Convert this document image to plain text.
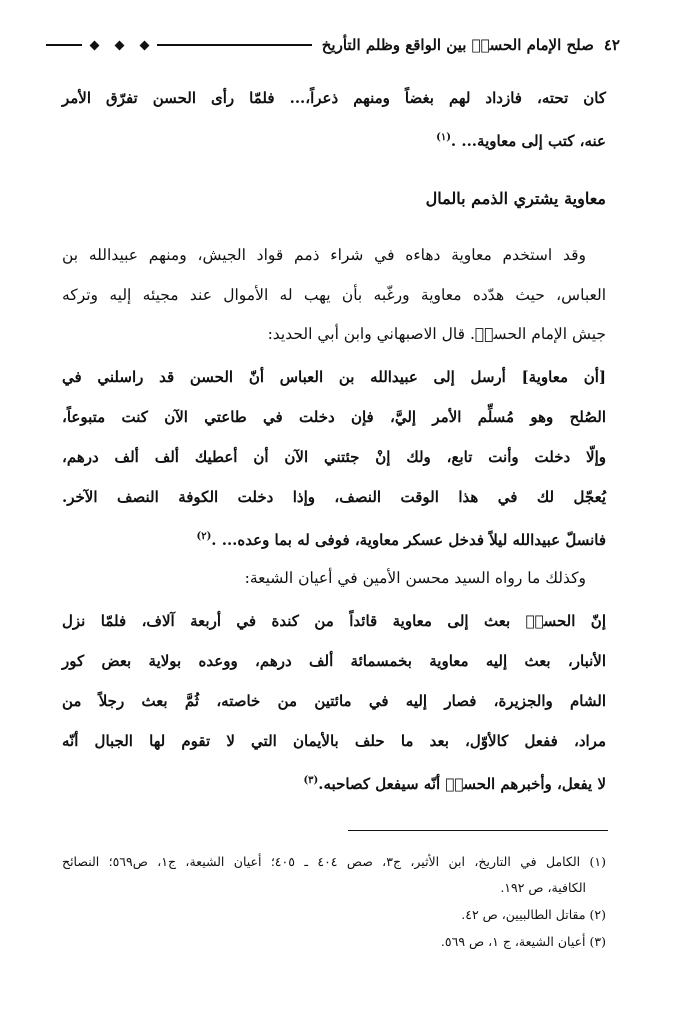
٤٢
صلح الإمام الحسنؑ بين الواقع وظلم التأريخ
كان تحته، فازداد لهم بغضاً ومنهم ذعراً،... فلمّا رأى الحسن تفرّق الأمر
عنه، كتب إلى معاوية... .$^{(١)}$
معاوية يشتري الذمم بالمال
وقد استخدم معاوية دهاءه في شراء ذمم قواد الجيش، ومنهم عبيدالله بن
العباس، حيث هدّده معاوية ورغّبه بأن يهب له الأموال عند مجيئه إليه وتركه
جيش الإمام الحسنؑ. قال الاصبهاني وابن أبي الحديد:
[أن معاوية] أرسل إلى عبيدالله بن العباس أنّ الحسن قد راسلني في
الصُلح وهو مُسلِّم الأمر إليَّ، فإن دخلت في طاعتي الآن كنت متبوعاً،
وإلّا دخلت وأنت تابع، ولك إنْ جئتني الآن أن أعطيك ألف ألف درهم،
يُعجّل لك في هذا الوقت النصف، وإذا دخلت الكوفة النصف الآخر.
فانسلّ عبيدالله ليلاً فدخل عسكر معاوية، فوفى له بما وعده... .$^{(٢)}$
وكذلك ما رواه السيد محسن الأمين في أعيان الشيعة:
إنّ الحسنؑ بعث إلى معاوية قائداً من كندة في أربعة آلاف، فلمّا نزل
الأنبار، بعث إليه معاوية بخمسمائة ألف درهم، ووعده بولاية بعض كور
الشام والجزيرة، فصار إليه في مائتين من خاصته، ثُمَّ بعث رجلاً من
مراد، ففعل كالأوّل، بعد ما حلف بالأيمان التي لا تقوم لها الجبال أنّه
لا يفعل، وأخبرهم الحسنؑ أنّه سيفعل كصاحبه.$^{(٣)}$
(١) الكامل في التاريخ، ابن الأثير، ج٣، صص ٤٠٤ ـ ٤٠٥؛ أعيان الشيعة، ج١، ص٥٦٩؛ النصائح
الكافية، ص ١٩٢.
(٢) مقاتل الطالبيين، ص ٤٢.
(٣) أعيان الشيعة، ج ١، ص ٥٦٩.
